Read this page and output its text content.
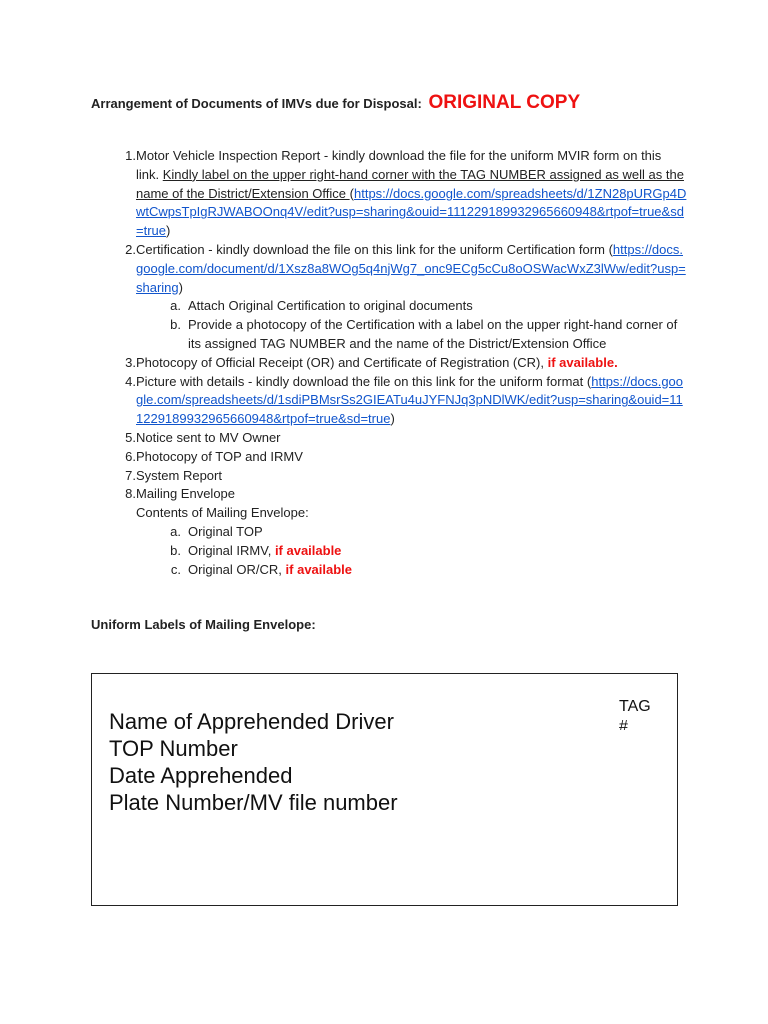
Arrangement of Documents of IMVs due for Disposal: ORIGINAL COPY
1. Motor Vehicle Inspection Report - kindly download the file for the uniform MVIR form on this link. Kindly label on the upper right-hand corner with the TAG NUMBER assigned as well as the name of the District/Extension Office (https://docs.google.com/spreadsheets/d/1ZN28pURGp4DwtCwpsTpIgRJWABOOnq4V/edit?usp=sharing&ouid=111229189932965660948&rtpof=true&sd=true)
2. Certification - kindly download the file on this link for the uniform Certification form (https://docs.google.com/document/d/1Xsz8a8WOg5q4njWg7_onc9ECg5cCu8oOSWacWxZ3lWw/edit?usp=sharing)
a. Attach Original Certification to original documents
b. Provide a photocopy of the Certification with a label on the upper right-hand corner of its assigned TAG NUMBER and the name of the District/Extension Office
3. Photocopy of Official Receipt (OR) and Certificate of Registration (CR), if available.
4. Picture with details - kindly download the file on this link for the uniform format (https://docs.google.com/spreadsheets/d/1sdiPBMsrSs2GIEATu4uJYFNJq3pNDlWK/edit?usp=sharing&ouid=111229189932965660948&rtpof=true&sd=true)
5. Notice sent to MV Owner
6. Photocopy of TOP and IRMV
7. System Report
8. Mailing Envelope
Contents of Mailing Envelope:
a. Original TOP
b. Original IRMV, if available
c. Original OR/CR, if available
Uniform Labels of Mailing Envelope:
Name of Apprehended Driver
TOP Number
Date Apprehended
Plate Number/MV file number
TAG #
